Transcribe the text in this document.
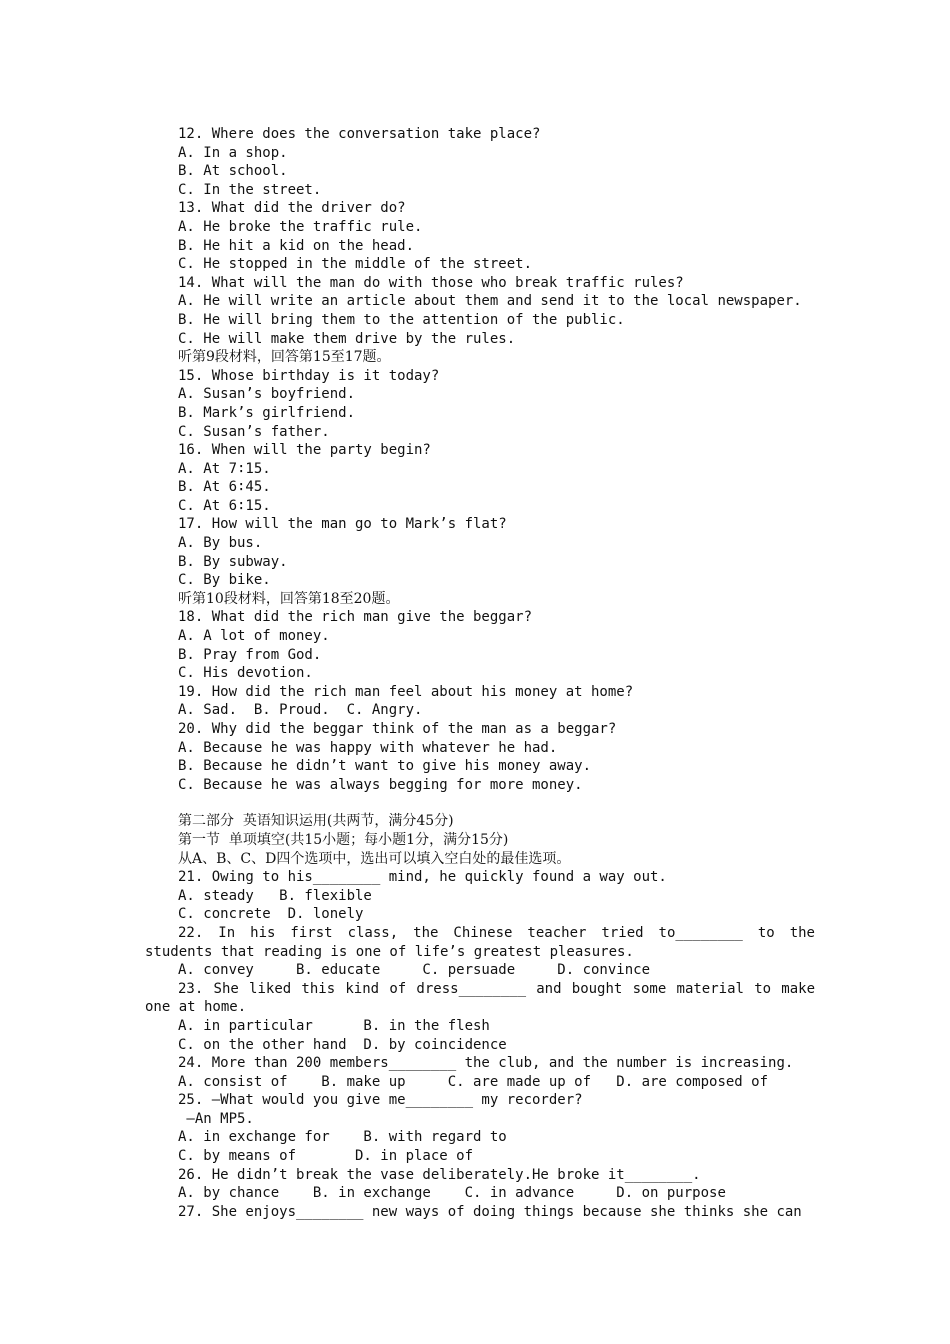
12. Where does the conversation take place?
A. In a shop.
B. At school.
C. In the street.
13. What did the driver do?
A. He broke the traffic rule.
B. He hit a kid on the head.
C. He stopped in the middle of the street.
14. What will the man do with those who break traffic rules?
A. He will write an article about them and send it to the local newspaper.
B. He will bring them to the attention of the public.
C. He will make them drive by the rules.
听第9段材料，回答第15至17题。
15. Whose birthday is it today?
A. Susan’s boyfriend.
B. Mark’s girlfriend.
C. Susan’s father.
16. When will the party begin?
A. At 7∶15.
B. At 6∶45.
C. At 6∶15.
17. How will the man go to Mark’s flat?
A. By bus.
B. By subway.
C. By bike.
听第10段材料，回答第18至20题。
18. What did the rich man give the beggar?
A. A lot of money.
B. Pray from God.
C. His devotion.
19. How did the rich man feel about his money at home?
A. Sad.  B. Proud.  C. Angry.
20. Why did the beggar think of the man as a beggar?
A. Because he was happy with whatever he had.
B. Because he didn’t want to give his money away.
C. Because he was always begging for more money.
第二部分  英语知识运用(共两节，满分45分)
第一节  单项填空(共15小题；每小题1分，满分15分)
从A、B、C、D四个选项中，选出可以填入空白处的最佳选项。
21. Owing to his________ mind, he quickly found a way out.
A. steady   B. flexible
C. concrete  D. lonely
22. In his first class, the Chinese teacher tried to________ to the students that reading is one of life’s greatest pleasures.
A. convey     B. educate     C. persuade     D. convince
23. She liked this kind of dress________ and bought some material to make one at home.
A. in particular      B. in the flesh
C. on the other hand  D. by coincidence
24. More than 200 members________ the club, and the number is increasing.
A. consist of    B. make up     C. are made up of   D. are composed of
25. —What would you give me________ my recorder?
—An MP5.
A. in exchange for    B. with regard to
C. by means of       D. in place of
26. He didn’t break the vase deliberately.He broke it________.
A. by chance    B. in exchange    C. in advance     D. on purpose
27. She enjoys________ new ways of doing things because she thinks she can
